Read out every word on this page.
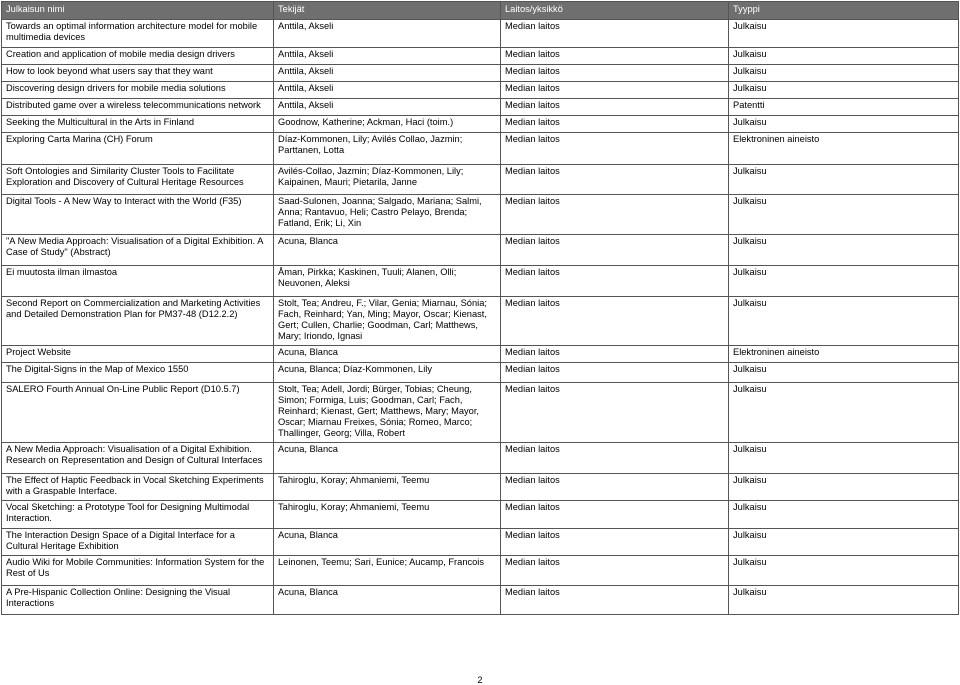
Julkaisun nimi	Tekijät	Laitos/yksikkö	Tyyppi
Towards an optimal information architecture model for mobile multimedia devices	Anttila, Akseli	Median laitos	Julkaisu
Creation and application of mobile media design drivers	Anttila, Akseli	Median laitos	Julkaisu
How to look beyond what users say that they want	Anttila, Akseli	Median laitos	Julkaisu
Discovering design drivers for mobile media solutions	Anttila, Akseli	Median laitos	Julkaisu
Distributed game over a wireless telecommunications network	Anttila, Akseli	Median laitos	Patentti
Seeking the Multicultural in the Arts in Finland	Goodnow, Katherine; Ackman, Haci (toim.)	Median laitos	Julkaisu
Exploring Carta Marina (CH) Forum	Díaz-Kommonen, Lily; Avilés Collao, Jazmin; Parttanen, Lotta	Median laitos	Elektroninen aineisto
Soft Ontologies and Similarity Cluster Tools to Facilitate Exploration and Discovery of Cultural Heritage Resources	Avilés-Collao, Jazmin; Díaz-Kommonen, Lily; Kaipainen, Mauri; Pietarila, Janne	Median laitos	Julkaisu
Digital Tools - A New Way to Interact with the World (F35)	Saad-Sulonen, Joanna; Salgado, Mariana; Salmi, Anna; Rantavuo, Heli; Castro Pelayo, Brenda; Fatland, Erik; Li, Xin	Median laitos	Julkaisu
"A New Media Approach: Visualisation of a Digital Exhibition. A Case of Study" (Abstract)	Acuna, Blanca	Median laitos	Julkaisu
Ei muutosta ilman ilmastoa	Åman, Pirkka; Kaskinen, Tuuli; Alanen, Olli; Neuvonen, Aleksi	Median laitos	Julkaisu
Second Report on Commercialization and Marketing Activities and Detailed Demonstration Plan for PM37-48 (D12.2.2)	Stolt, Tea; Andreu, F.; Vilar, Genia; Miarnau, Sónia; Fach, Reinhard; Yan, Ming; Mayor, Oscar; Kienast, Gert; Cullen, Charlie; Goodman, Carl; Matthews, Mary; Iriondo, Ignasi	Median laitos	Julkaisu
Project Website	Acuna, Blanca	Median laitos	Elektroninen aineisto
The Digital-Signs in the Map of Mexico 1550	Acuna, Blanca; Díaz-Kommonen, Lily	Median laitos	Julkaisu
SALERO Fourth Annual On-Line Public Report (D10.5.7)	Stolt, Tea; Adell, Jordi; Bürger, Tobias; Cheung, Simon; Formiga, Luis; Goodman, Carl; Fach, Reinhard; Kienast, Gert; Matthews, Mary; Mayor, Oscar; Miarnau Freixes, Sónia; Romeo, Marco; Thallinger, Georg; Villa, Robert	Median laitos	Julkaisu
A New Media Approach: Visualisation of a Digital Exhibition. Research on Representation and Design of Cultural Interfaces	Acuna, Blanca	Median laitos	Julkaisu
The Effect of Haptic Feedback in Vocal Sketching Experiments with a Graspable Interface.	Tahiroglu, Koray; Ahmaniemi, Teemu	Median laitos	Julkaisu
Vocal Sketching: a Prototype Tool for Designing Multimodal Interaction.	Tahiroglu, Koray; Ahmaniemi, Teemu	Median laitos	Julkaisu
The Interaction Design Space of a Digital Interface for a Cultural Heritage Exhibition	Acuna, Blanca	Median laitos	Julkaisu
Audio Wiki for Mobile Communities: Information System for the Rest of Us	Leinonen, Teemu; Sari, Eunice; Aucamp, Francois	Median laitos	Julkaisu
A Pre-Hispanic Collection Online: Designing the Visual Interactions	Acuna, Blanca	Median laitos	Julkaisu
2
